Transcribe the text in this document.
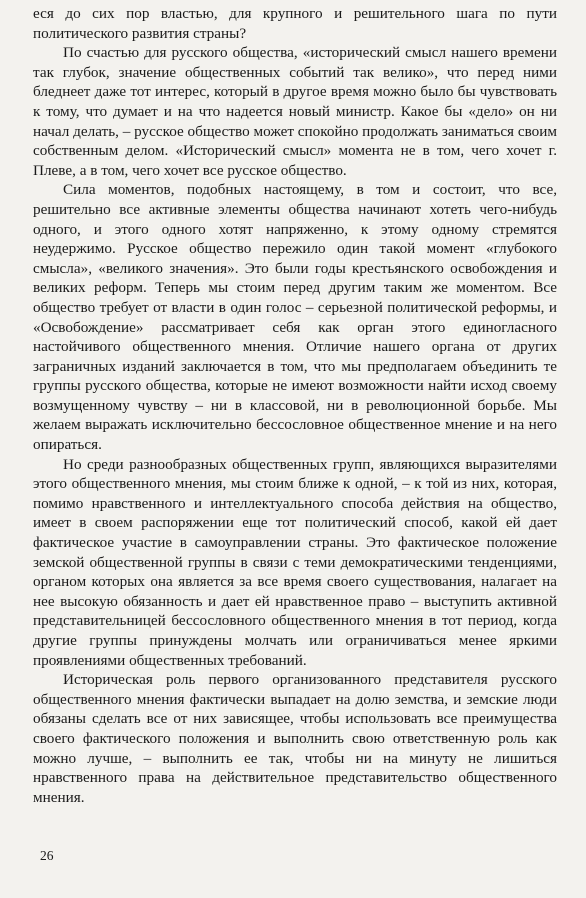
еся до сих пор властью, для крупного и решительного шага по пути политического развития страны?

По счастью для русского общества, «исторический смысл нашего времени так глубок, значение общественных событий так велико», что перед ними бледнеет даже тот интерес, который в другое время можно было бы чувствовать к тому, что думает и на что надеется новый министр. Какое бы «дело» он ни начал делать, – русское общество может спокойно продолжать заниматься своим собственным делом. «Исторический смысл» момента не в том, чего хочет г. Плеве, а в том, чего хочет все русское общество.

Сила моментов, подобных настоящему, в том и состоит, что все, решительно все активные элементы общества начинают хотеть чего-нибудь одного, и этого одного хотят напряженно, к этому одному стремятся неудержимо. Русское общество пережило один такой момент «глубокого смысла», «великого значения». Это были годы крестьянского освобождения и великих реформ. Теперь мы стоим перед другим таким же моментом. Все общество требует от власти в один голос – серьезной политической реформы, и «Освобождение» рассматривает себя как орган этого единогласного настойчивого общественного мнения. Отличие нашего органа от других заграничных изданий заключается в том, что мы предполагаем объединить те группы русского общества, которые не имеют возможности найти исход своему возмущенному чувству – ни в классовой, ни в революционной борьбе. Мы желаем выражать исключительно бессословное общественное мнение и на него опираться.

Но среди разнообразных общественных групп, являющихся выразителями этого общественного мнения, мы стоим ближе к одной, – к той из них, которая, помимо нравственного и интеллектуального способа действия на общество, имеет в своем распоряжении еще тот политический способ, какой ей дает фактическое участие в самоуправлении страны. Это фактическое положение земской общественной группы в связи с теми демократическими тенденциями, органом которых она является за все время своего существования, налагает на нее высокую обязанность и дает ей нравственное право – выступить активной представительницей бессословного общественного мнения в тот период, когда другие группы принуждены молчать или ограничиваться менее яркими проявлениями общественных требований.

Историческая роль первого организованного представителя русского общественного мнения фактически выпадает на долю земства, и земские люди обязаны сделать все от них зависящее, чтобы использовать все преимущества своего фактического положения и выполнить свою ответственную роль как можно лучше, – выполнить ее так, чтобы ни на минуту не лишиться нравственного права на действительное представительство общественного мнения.

26
